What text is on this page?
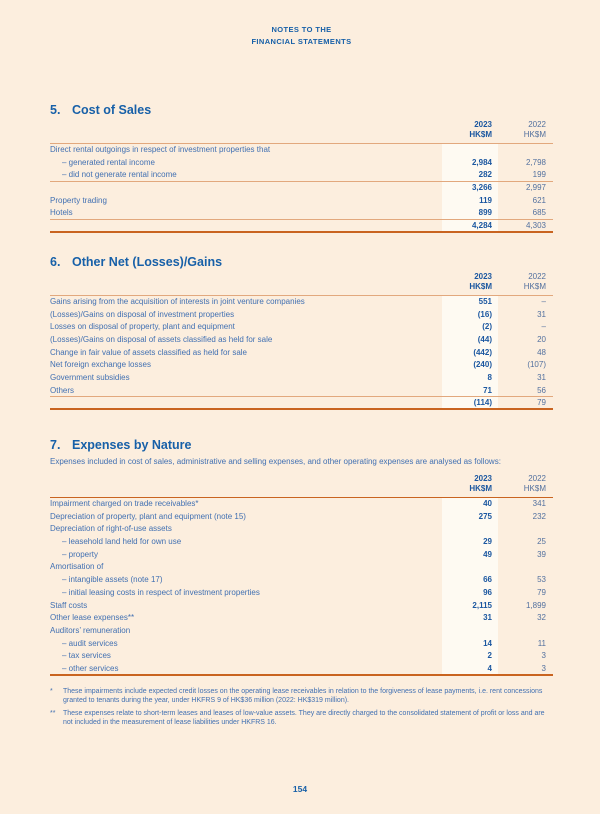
NOTES TO THE
FINANCIAL STATEMENTS
5. Cost of Sales
2023
HK$M
2022
HK$M
Direct rental outgoings in respect of investment properties that
– generated rental income	2,984	2,798
– did not generate rental income	282	199
3,266	2,997
Property trading	119	621
Hotels	899	685
4,284	4,303
6. Other Net (Losses)/Gains
2023
HK$M
2022
HK$M
Gains arising from the acquisition of interests in joint venture companies	551	–
(Losses)/Gains on disposal of investment properties	(16)	31
Losses on disposal of property, plant and equipment	(2)	–
(Losses)/Gains on disposal of assets classified as held for sale	(44)	20
Change in fair value of assets classified as held for sale	(442)	48
Net foreign exchange losses	(240)	(107)
Government subsidies	8	31
Others	71	56
(114)	79
7. Expenses by Nature

Expenses included in cost of sales, administrative and selling expenses, and other operating expenses are analysed as follows:

2023
HK$M
2022
HK$M
Impairment charged on trade receivables*	40	341
Depreciation of property, plant and equipment (note 15)	275	232
Depreciation of right-of-use assets
– leasehold land held for own use	29	25
– property	49	39
Amortisation of
– intangible assets (note 17)	66	53
– initial leasing costs in respect of investment properties	96	79
Staff costs	2,115	1,899
Other lease expenses**	31	32
Auditors’ remuneration
– audit services	14	11
– tax services	2	3
– other services	4	3
*	These impairments include expected credit losses on the operating lease receivables in relation to the forgiveness of lease payments, i.e. rent concessions granted to tenants during the year, under HKFRS 9 of HK$36 million (2022: HK$319 million).
**	These expenses relate to short-term leases and leases of low-value assets. They are directly charged to the consolidated statement of profit or loss and are not included in the measurement of lease liabilities under HKFRS 16.
154
